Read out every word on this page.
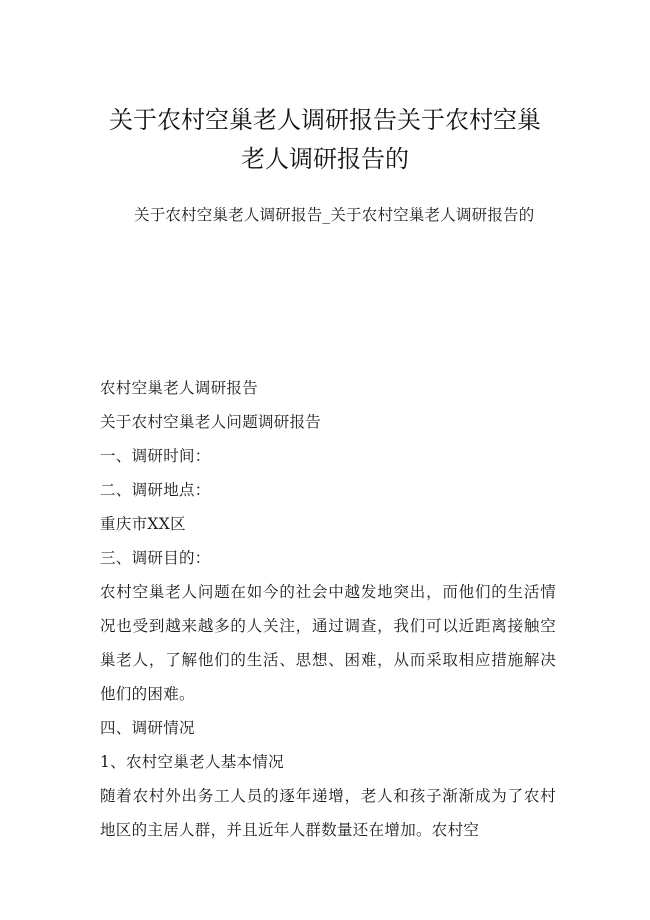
关于农村空巢老人调研报告关于农村空巢
老人调研报告的
关于农村空巢老人调研报告_关于农村空巢老人调研报告的

农村空巢老人调研报告

关于农村空巢老人问题调研报告

一、调研时间：

二、调研地点：

重庆市XX区

三、调研目的：

农村空巢老人问题在如今的社会中越发地突出，而他们的生活情况也受到越来越多的人关注，通过调查，我们可以近距离接触空巢老人，了解他们的生活、思想、困难，从而采取相应措施解决他们的困难。

四、调研情况

1、农村空巢老人基本情况

随着农村外出务工人员的逐年递增，老人和孩子渐渐成为了农村地区的主居人群，并且近年人群数量还在增加。农村空
